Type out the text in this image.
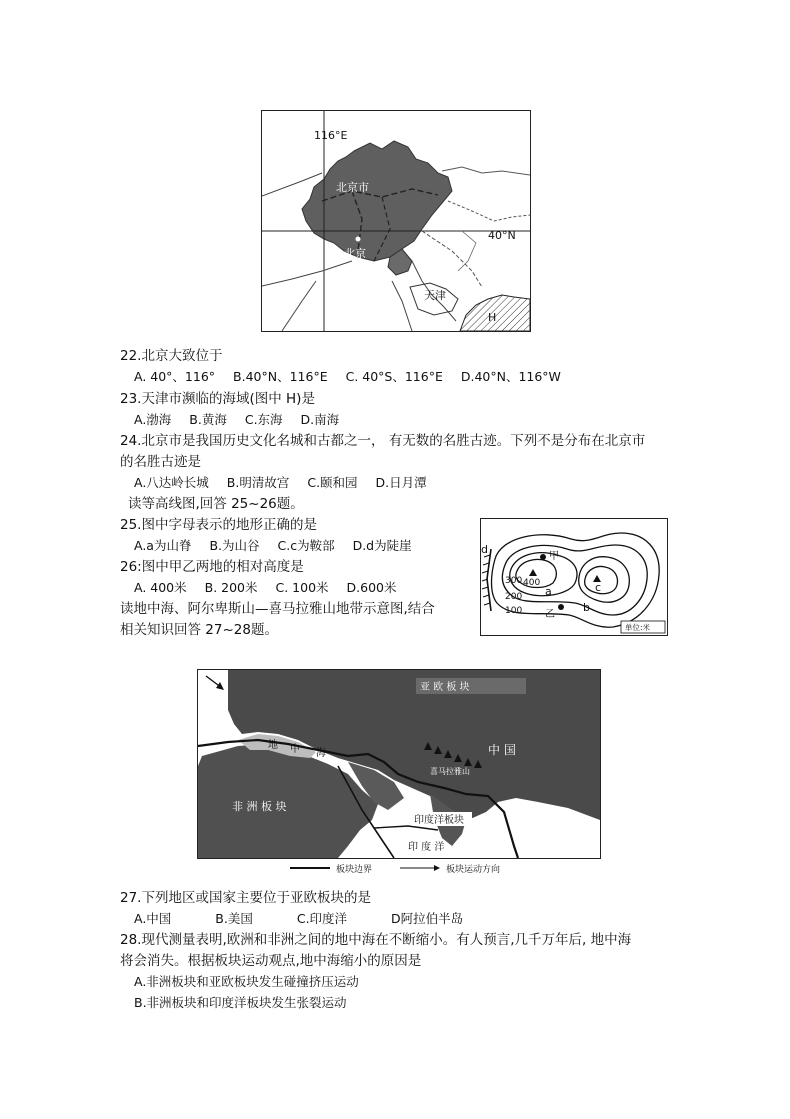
116°E
40°N
北京市
北京
天津
H
22.北京大致位于
A. 40°、116° B.40°N、116°E C. 40°S、116°E D.40°N、116°W
23.天津市濒临的海域(图中 H)是
A.渤海 B.黄海 C.东海 D.南海
24.北京市是我国历史文化名城和古都之一， 有无数的名胜古迹。下列不是分布在北京市
的名胜古迹是
A.八达岭长城 B.明清故宫 C.颐和园 D.日月潭
读等高线图,回答 25~26题。
25.图中字母表示的地形正确的是
A.a为山脊 B.为山谷 C.c为鞍部 D.d为陡崖
26:图中甲乙两地的相对高度是
A. 400米 B. 200米 C. 100米 D.600米
读地中海、阿尔卑斯山—喜马拉雅山地带示意图,结合
相关知识回答 27~28题。
400
300
200
100
甲
乙
a
b
c
d
单位:米
亚 欧 板 块
中 国
喜马拉雅山
非 洲 板 块
印度洋板块
印 度 洋
地 中 海
板块边界	板块运动方向
27.下列地区或国家主要位于亚欧板块的是
A.中国	B.美国	C.印度洋	D阿拉伯半岛
28.现代测量表明,欧洲和非洲之间的地中海在不断缩小。有人预言,几千万年后, 地中海
将会消失。根据板块运动观点,地中海缩小的原因是
A.非洲板块和亚欧板块发生碰撞挤压运动
B.非洲板块和印度洋板块发生张裂运动
